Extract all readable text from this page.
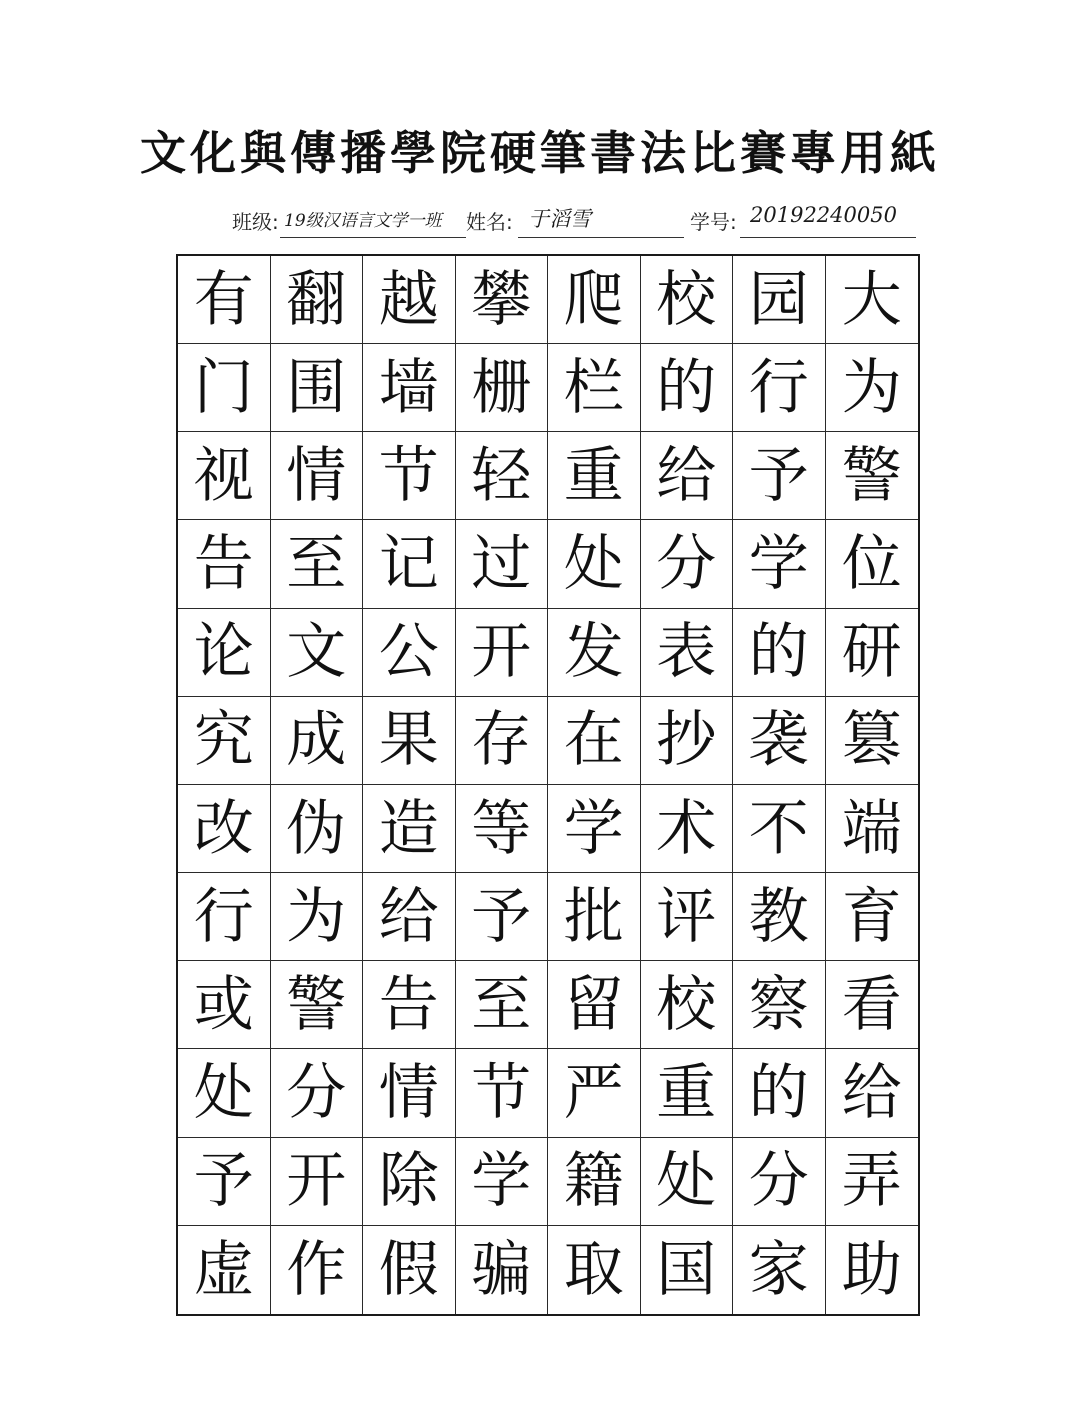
文化與傳播學院硬筆書法比賽專用紙
班级: 19级汉语言文学一班 姓名: 于滔雪	学号: 20192240050
有 翻 越 攀 爬 校 园 大
门 围 墙 栅 栏 的 行 为
视 情 节 轻 重 给 予 警
告 至 记 过 处 分 学 位
论 文 公 开 发 表 的 研
究 成 果 存 在 抄 袭 篡
改 伪 造 等 学 术 不 端
行 为 给 予 批 评 教 育
或 警 告 至 留 校 察 看
处 分 情 节 严 重 的 给
予 开 除 学 籍 处 分 弄
虚 作 假 骗 取 国 家 助
